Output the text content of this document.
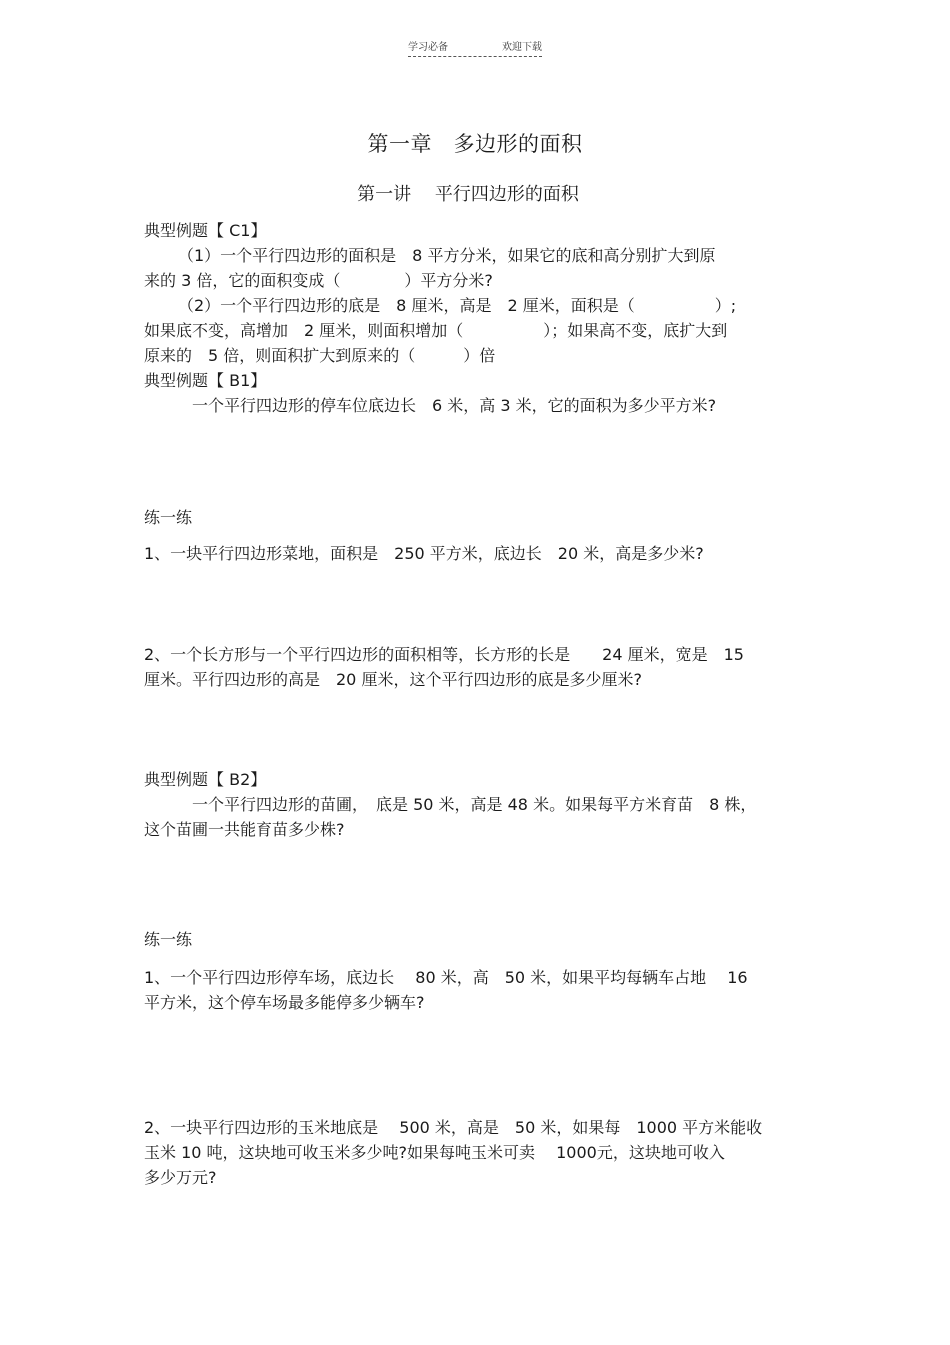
学习必备	欢迎下载
第一章　多边形的面积
第一讲　 平行四边形的面积

典型例题【 C1】

（1）一个平行四边形的面积是　8 平方分米，如果它的底和高分别扩大到原

来的 3 倍，它的面积变成（　　　　）平方分米?

（2）一个平行四边形的底是　8 厘米，高是　2 厘米，面积是（　　　　　）;

如果底不变，高增加　2 厘米，则面积增加（　　　　　）；如果高不变，底扩大到

原来的　5 倍，则面积扩大到原来的（　　　）倍

典型例题【 B1】

一个平行四边形的停车位底边长　6 米，高 3 米，它的面积为多少平方米?

练一练
1、一块平行四边形菜地，面积是　250 平方米，底边长　20 米，高是多少米?

2、一个长方形与一个平行四边形的面积相等，长方形的长是　　24 厘米，宽是　15

厘米。平行四边形的高是　20 厘米，这个平行四边形的底是多少厘米?

典型例题【 B2】

一个平行四边形的苗圃，　底是 50 米，高是 48 米。如果每平方米育苗　8 株，

这个苗圃一共能育苗多少株?

练一练

1、一个平行四边形停车场，底边长　 80 米，高　50 米，如果平均每辆车占地　 16

平方米，这个停车场最多能停多少辆车?

2、一块平行四边形的玉米地底是　 500 米，高是　50 米，如果每　1000 平方米能收

玉米 10 吨，这块地可收玉米多少吨?如果每吨玉米可卖　 1000元，这块地可收入

多少万元?
